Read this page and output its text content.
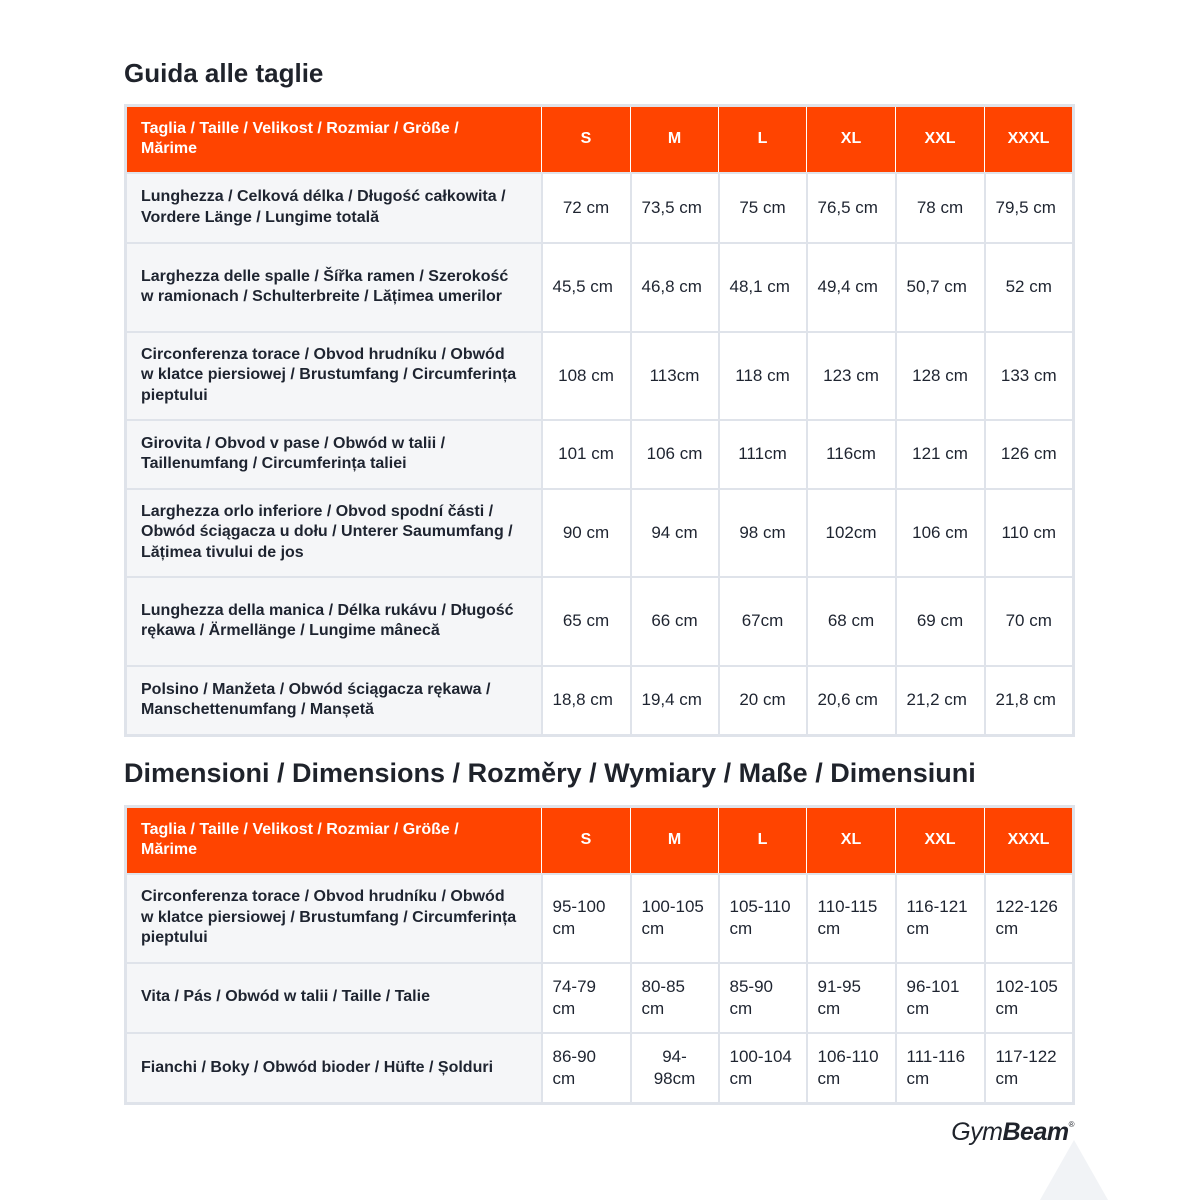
Guida alle taglie
Taglia / Taille / Velikost / Rozmiar / Größe / Mărime	S	M	L	XL	XXL	XXXL
Lunghezza / Celková délka / Długość całkowita / Vordere Länge / Lungime totală	72 cm	73,5 cm	75 cm	76,5 cm	78 cm	79,5 cm
Larghezza delle spalle / Šířka ramen / Szerokość w ramionach / Schulterbreite / Lățimea umerilor	45,5 cm	46,8 cm	48,1 cm	49,4 cm	50,7 cm	52 cm
Circonferenza torace / Obvod hrudníku / Obwód w klatce piersiowej / Brustumfang / Circumferința pieptului	108 cm	113cm	118 cm	123 cm	128 cm	133 cm
Girovita / Obvod v pase / Obwód w talii / Taillenumfang / Circumferința taliei	101 cm	106 cm	111cm	116cm	121 cm	126 cm
Larghezza orlo inferiore / Obvod spodní části / Obwód ściągacza u dołu / Unterer Saumumfang / Lățimea tivului de jos	90 cm	94 cm	98 cm	102cm	106 cm	110 cm
Lunghezza della manica / Délka rukávu / Długość rękawa / Ärmellänge / Lungime mânecă	65 cm	66 cm	67cm	68 cm	69 cm	70 cm
Polsino / Manžeta / Obwód ściągacza rękawa / Manschettenumfang / Manșetă	18,8 cm	19,4 cm	20 cm	20,6 cm	21,2 cm	21,8 cm
Dimensioni / Dimensions / Rozměry / Wymiary / Maße / Dimensiuni
Taglia / Taille / Velikost / Rozmiar / Größe / Mărime	S	M	L	XL	XXL	XXXL
Circonferenza torace / Obvod hrudníku / Obwód w klatce piersiowej / Brustumfang / Circumferința pieptului	95-100 cm	100-105 cm	105-110 cm	110-115 cm	116-121 cm	122-126 cm
Vita / Pás / Obwód w talii / Taille / Talie	74-79 cm	80-85 cm	85-90 cm	91-95 cm	96-101 cm	102-105 cm
Fianchi / Boky / Obwód bioder / Hüfte / Șolduri	86-90 cm	94-98cm	100-104 cm	106-110 cm	111-116 cm	117-122 cm
GymBeam®
